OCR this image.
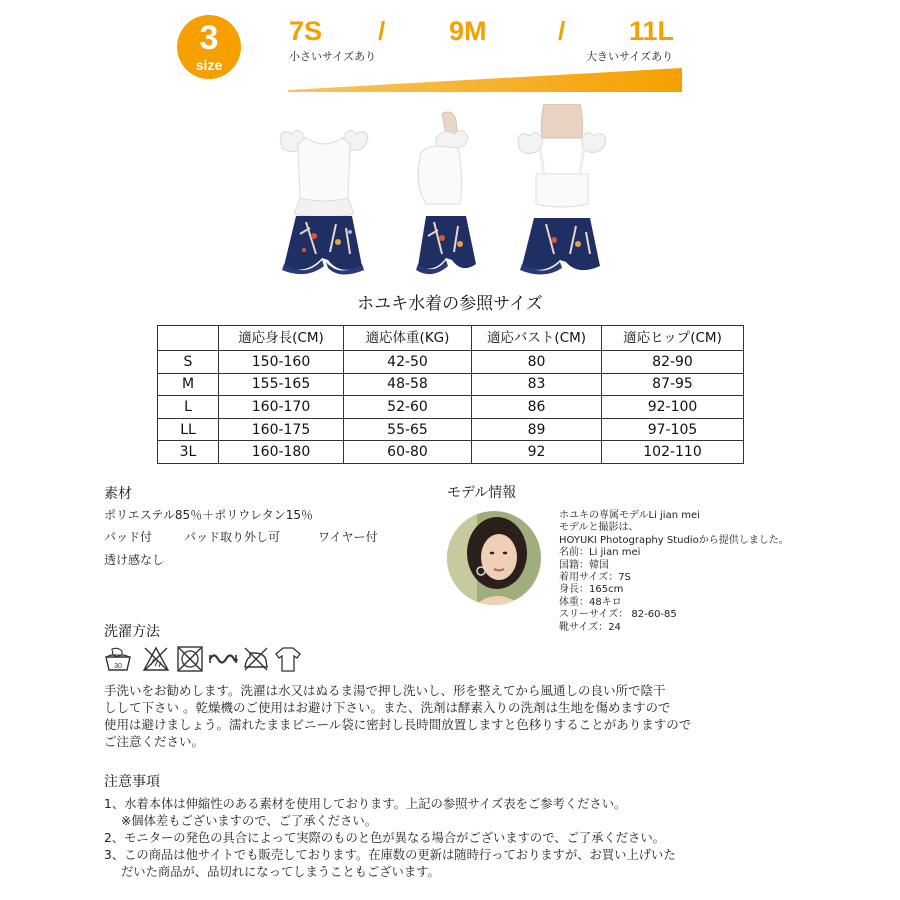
3
size
7S / 9M	/ 11L
小さいサイズあり	大きいサイズあり
ホユキ水着の参照サイズ
	適応身長(CM)	適応体重(KG)	適応バスト(CM)	適応ヒップ(CM)
S	150-160	42-50	80	82-90
M	155-165	48-58	83	87-95
L	160-170	52-60	86	92-100
LL	160-175	55-65	89	97-105
3L	160-180	60-80	92	102-110
素材
ポリエステル85％＋ポリウレタン15％
パッド付	パッド取り外し可	ワイヤー付
透け感なし
モデル情報
ホユキの専属モデルLi jian mei
モデルと撮影は、
HOYUKI Photography Studioから提供しました。
名前：Li jian mei
国籍：韓国
着用サイズ：7S
身長：165cm
体重：48キロ
スリーサイズ： 82-60-85
靴サイズ：24
洗濯方法
30
手洗いをお勧めします。洗濯は水又はぬるま湯で押し洗いし、形を整えてから風通しの良い所で陰干
しして下さい 。乾燥機のご使用はお避け下さい。また、洗剤は酵素入りの洗剤は生地を傷めますので
使用は避けましょう。濡れたままビニール袋に密封し長時間放置しますと色移りすることがありますので
ご注意ください。
注意事項
1、水着本体は伸縮性のある素材を使用しております。上記の参照サイズ表をご参考ください。
※個体差もございますので、ご了承ください。
2、モニターの発色の具合によって実際のものと色が異なる場合がございますので、ご了承ください。
3、この商品は他サイトでも販売しております。在庫数の更新は随時行っておりますが、お買い上げいた
だいた商品が、品切れになってしまうこともございます。
